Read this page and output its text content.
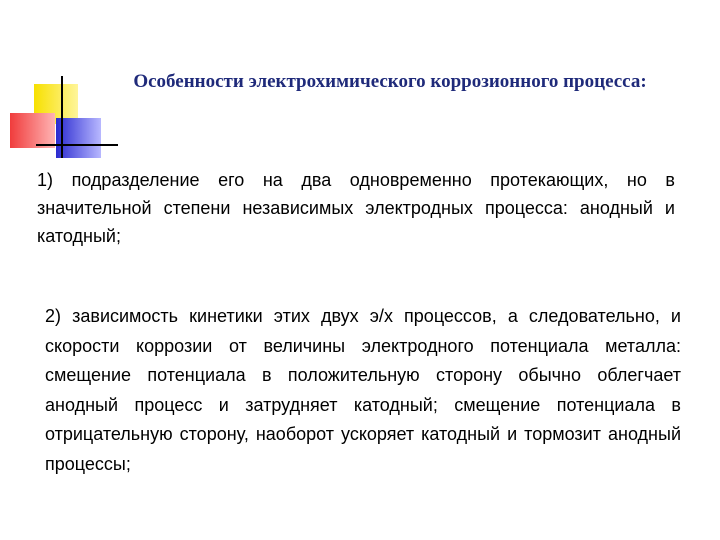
Особенности электрохимического коррозионного процесса:
1) подразделение его на два одновременно протекающих, но в значительной степени независимых электродных процесса: анодный и катодный;
2) зависимость кинетики этих двух э/х процессов, а следовательно, и скорости коррозии от величины электродного потенциала металла: смещение потенциала в положительную сторону обычно облегчает анодный процесс и затрудняет катодный; смещение потенциала в отрицательную сторону, наоборот ускоряет катодный и тормозит анодный процессы;
